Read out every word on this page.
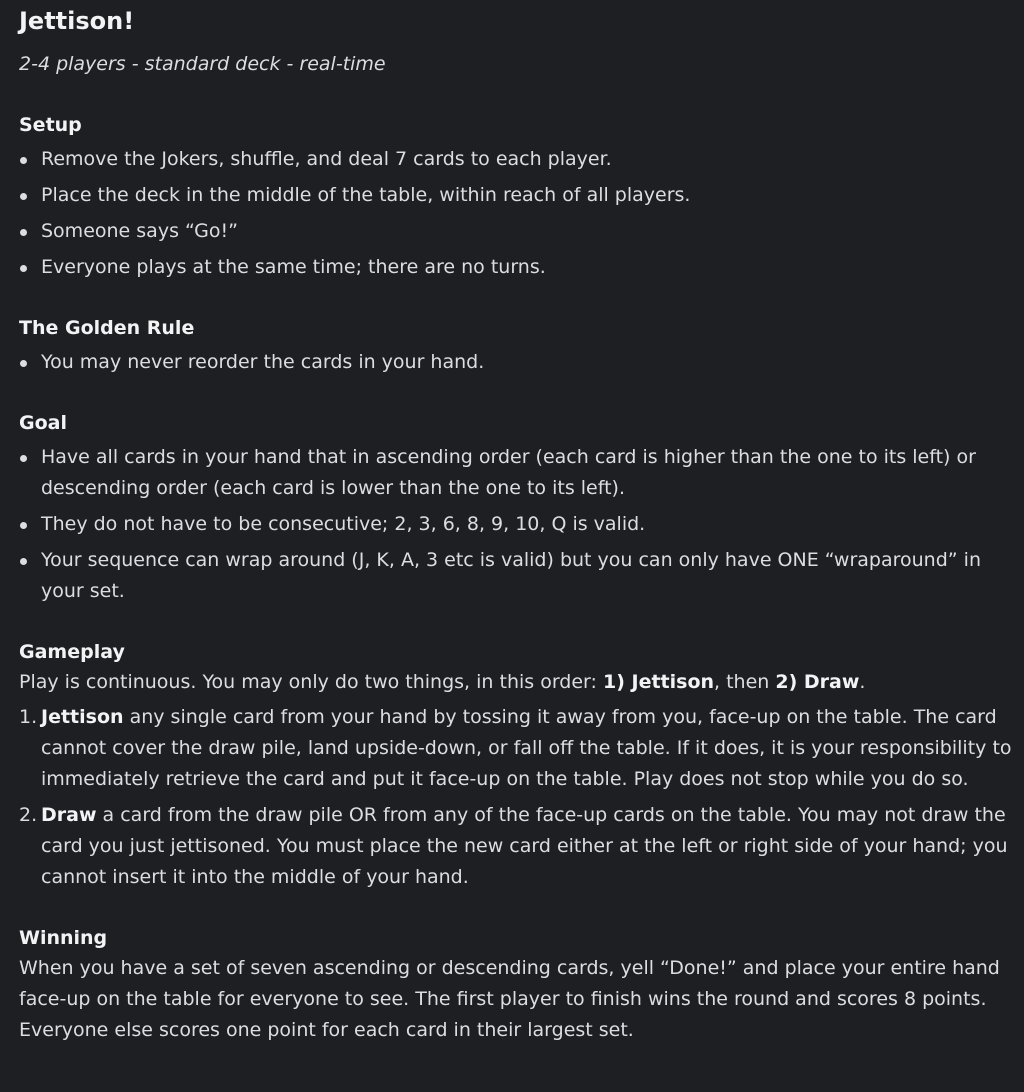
Jettison!

2-4 players - standard deck - real-time

Setup
Remove the Jokers, shuffle, and deal 7 cards to each player.
Place the deck in the middle of the table, within reach of all players.
Someone says “Go!”
Everyone plays at the same time; there are no turns.
The Golden Rule
You may never reorder the cards in your hand.
Goal
Have all cards in your hand that in ascending order (each card is higher than the one to its left) or descending order (each card is lower than the one to its left).
They do not have to be consecutive; 2, 3, 6, 8, 9, 10, Q is valid.
Your sequence can wrap around (J, K, A, 3 etc is valid) but you can only have ONE “wraparound” in your set.
Gameplay

Play is continuous. You may only do two things, in this order: 1) Jettison, then 2) Draw.

1. Jettison any single card from your hand by tossing it away from you, face-up on the table. The card cannot cover the draw pile, land upside-down, or fall off the table. If it does, it is your responsibility to immediately retrieve the card and put it face-up on the table. Play does not stop while you do so.
2. Draw a card from the draw pile OR from any of the face-up cards on the table. You may not draw the card you just jettisoned. You must place the new card either at the left or right side of your hand; you cannot insert it into the middle of your hand.
Winning

When you have a set of seven ascending or descending cards, yell “Done!” and place your entire hand face-up on the table for everyone to see. The first player to finish wins the round and scores 8 points. Everyone else scores one point for each card in their largest set.
